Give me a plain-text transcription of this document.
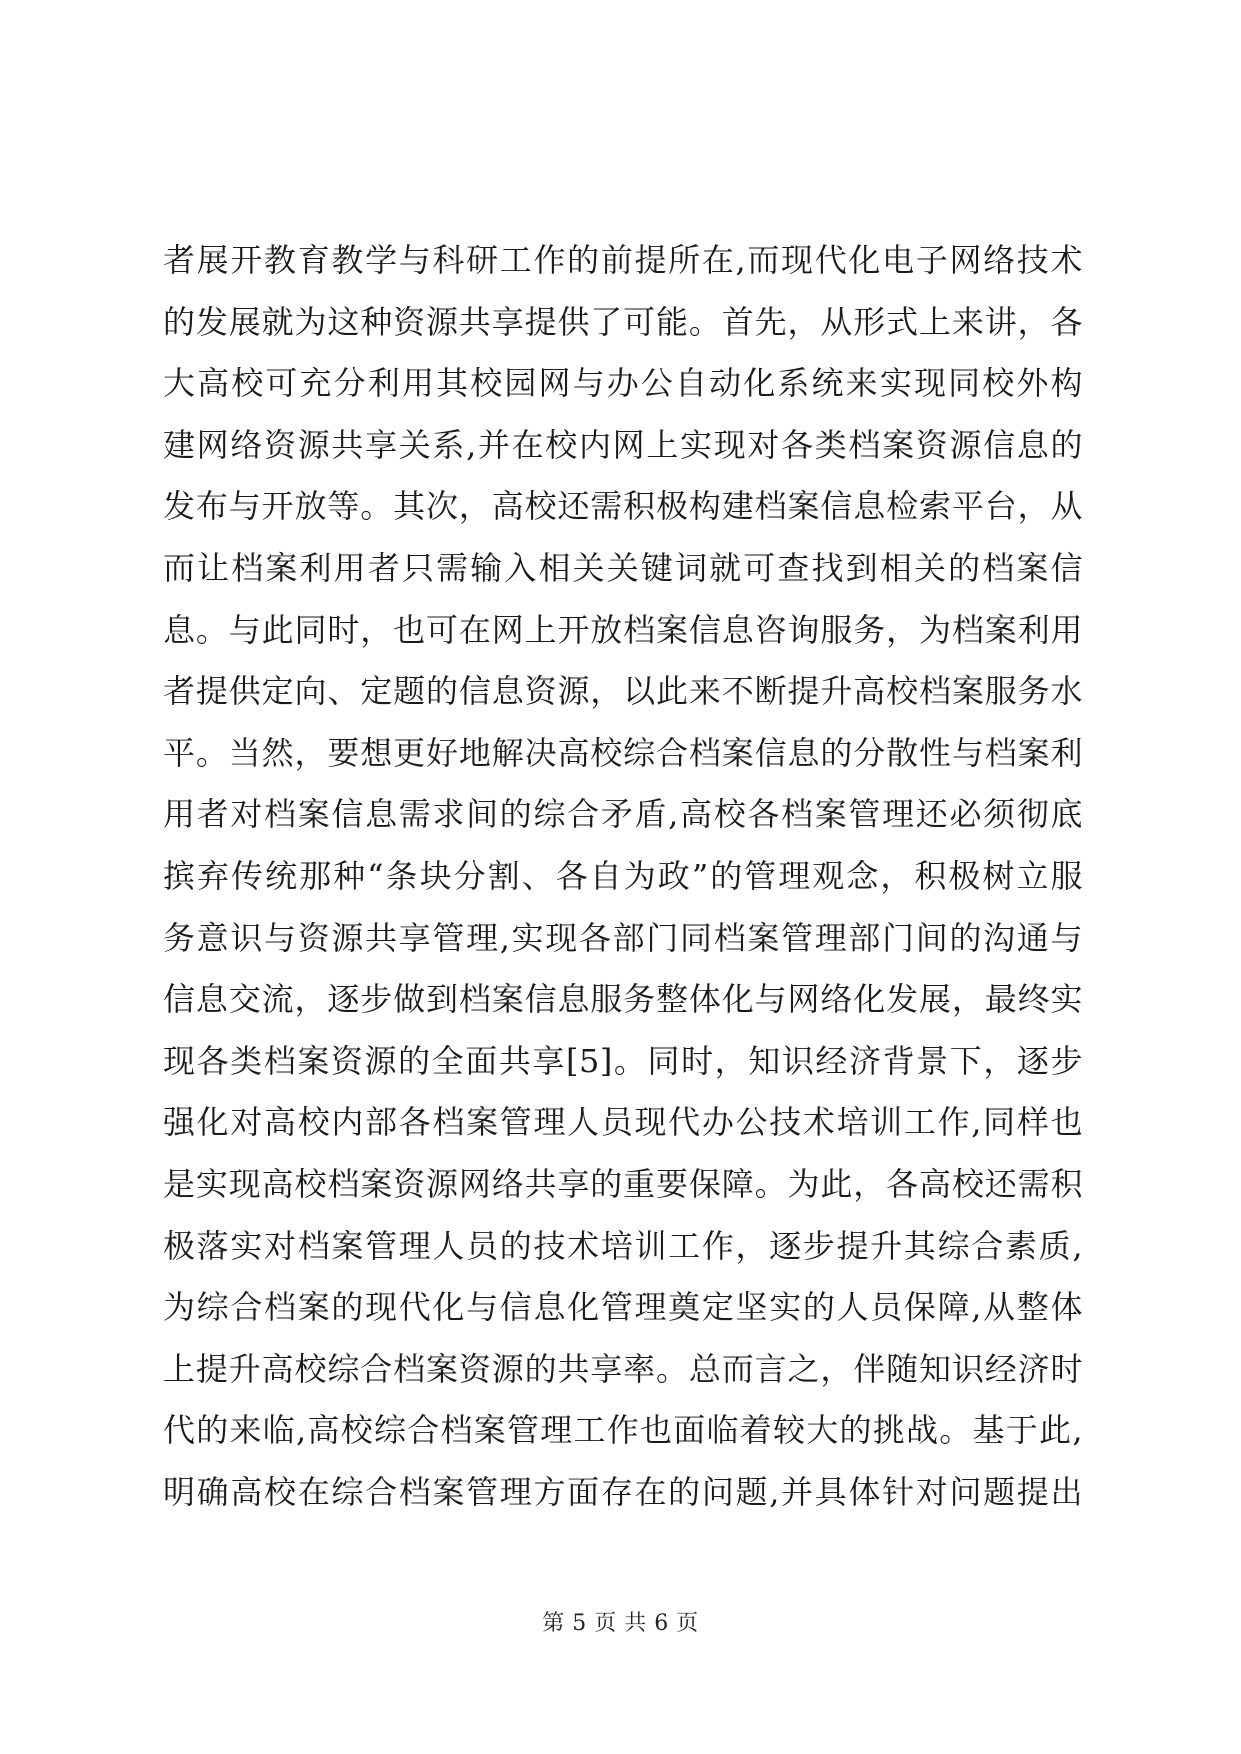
者展开教育教学与科研工作的前提所在,而现代化电子网络技术
的发展就为这种资源共享提供了可能。首先，从形式上来讲，各
大高校可充分利用其校园网与办公自动化系统来实现同校外构
建网络资源共享关系,并在校内网上实现对各类档案资源信息的
发布与开放等。其次，高校还需积极构建档案信息检索平台，从
而让档案利用者只需输入相关关键词就可查找到相关的档案信
息。与此同时，也可在网上开放档案信息咨询服务，为档案利用
者提供定向、定题的信息资源，以此来不断提升高校档案服务水
平。当然，要想更好地解决高校综合档案信息的分散性与档案利
用者对档案信息需求间的综合矛盾,高校各档案管理还必须彻底
摈弃传统那种“条块分割、各自为政”的管理观念，积极树立服
务意识与资源共享管理,实现各部门同档案管理部门间的沟通与
信息交流，逐步做到档案信息服务整体化与网络化发展，最终实
现各类档案资源的全面共享[5]。同时，知识经济背景下，逐步
强化对高校内部各档案管理人员现代办公技术培训工作,同样也
是实现高校档案资源网络共享的重要保障。为此，各高校还需积
极落实对档案管理人员的技术培训工作，逐步提升其综合素质,
为综合档案的现代化与信息化管理奠定坚实的人员保障,从整体
上提升高校综合档案资源的共享率。总而言之，伴随知识经济时
代的来临,高校综合档案管理工作也面临着较大的挑战。基于此,
明确高校在综合档案管理方面存在的问题,并具体针对问题提出
第 5 页 共 6 页
